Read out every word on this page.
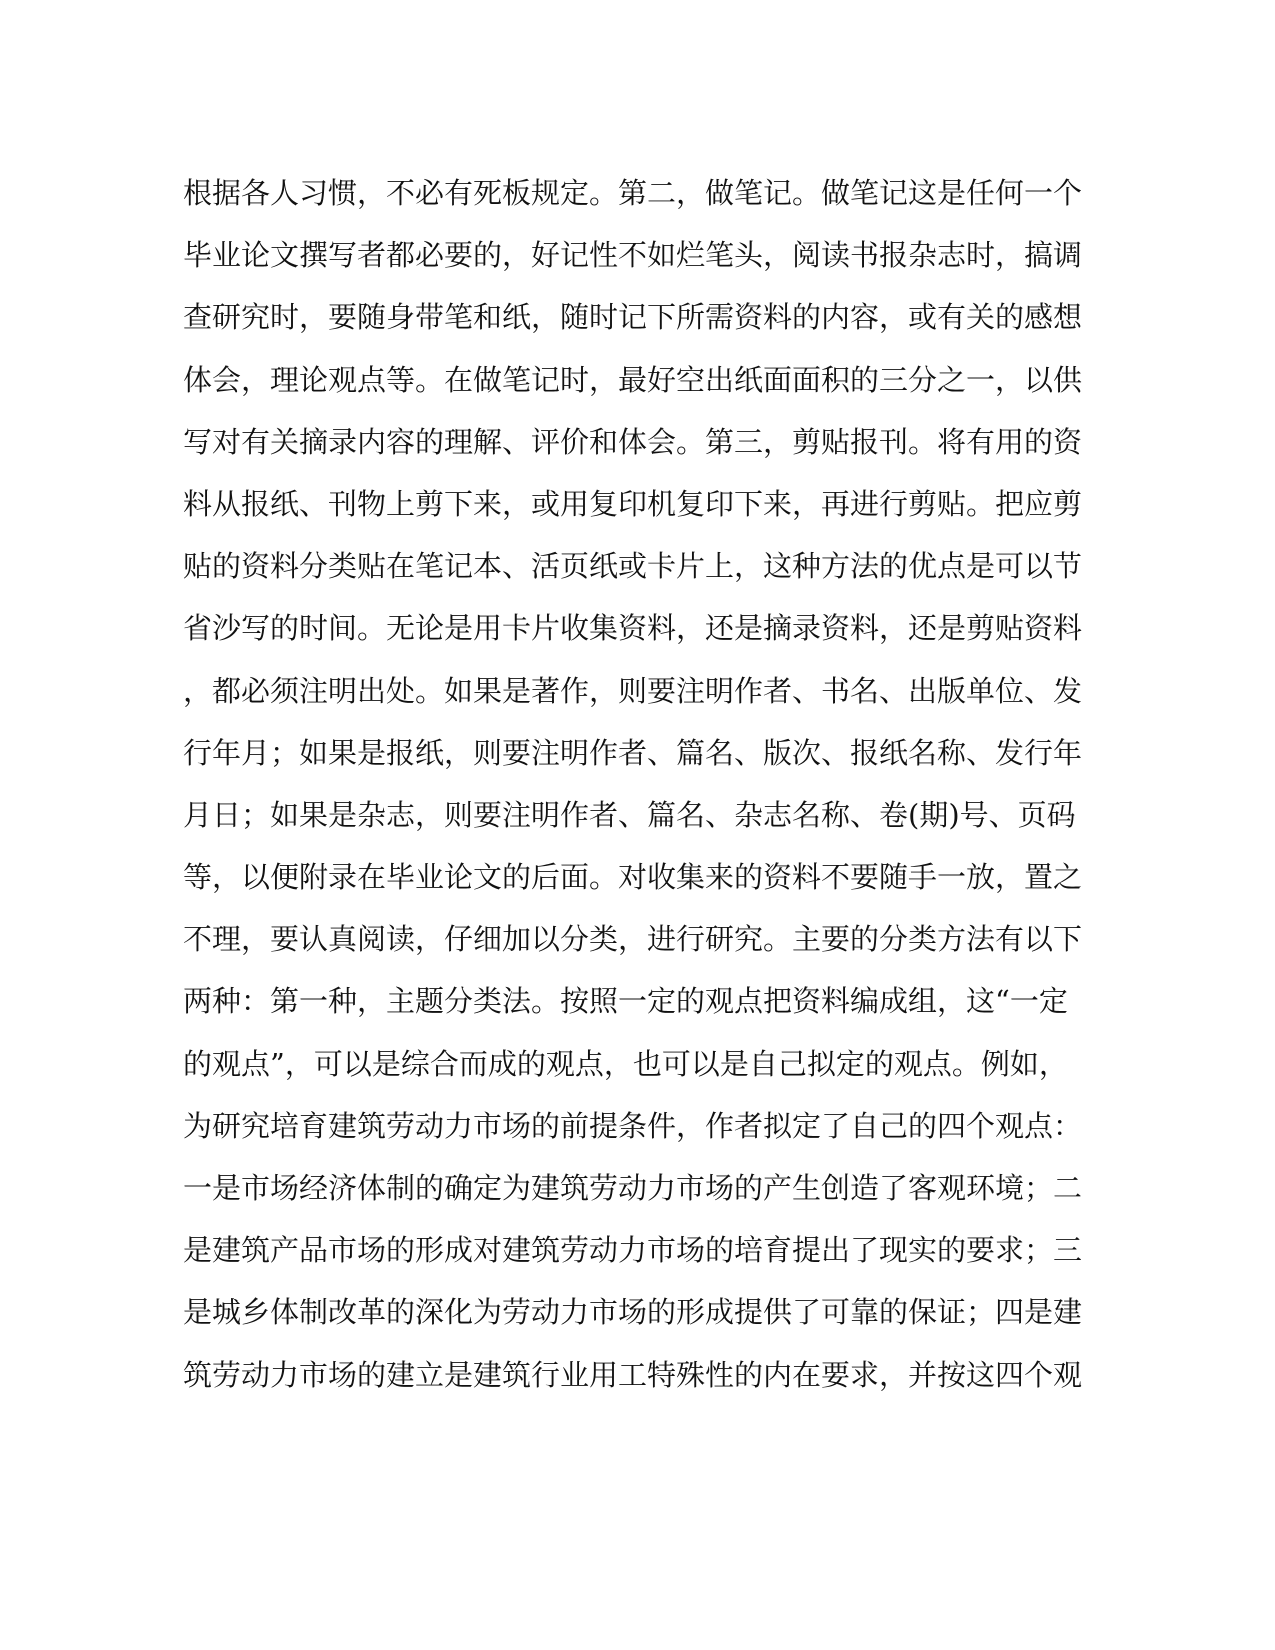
根据各人习惯，不必有死板规定。第二，做笔记。做笔记这是任何一个
毕业论文撰写者都必要的，好记性不如烂笔头，阅读书报杂志时，搞调
查研究时，要随身带笔和纸，随时记下所需资料的内容，或有关的感想
体会，理论观点等。在做笔记时，最好空出纸面面积的三分之一，以供
写对有关摘录内容的理解、评价和体会。第三，剪贴报刊。将有用的资
料从报纸、刊物上剪下来，或用复印机复印下来，再进行剪贴。把应剪
贴的资料分类贴在笔记本、活页纸或卡片上，这种方法的优点是可以节
省沙写的时间。无论是用卡片收集资料，还是摘录资料，还是剪贴资料
，都必须注明出处。如果是著作，则要注明作者、书名、出版单位、发
行年月；如果是报纸，则要注明作者、篇名、版次、报纸名称、发行年
月日；如果是杂志，则要注明作者、篇名、杂志名称、卷(期)号、页码
等，以便附录在毕业论文的后面。对收集来的资料不要随手一放，置之
不理，要认真阅读，仔细加以分类，进行研究。主要的分类方法有以下
两种：第一种，主题分类法。按照一定的观点把资料编成组，这“一定
的观点”，可以是综合而成的观点，也可以是自己拟定的观点。例如，
为研究培育建筑劳动力市场的前提条件，作者拟定了自己的四个观点：
一是市场经济体制的确定为建筑劳动力市场的产生创造了客观环境；二
是建筑产品市场的形成对建筑劳动力市场的培育提出了现实的要求；三
是城乡体制改革的深化为劳动力市场的形成提供了可靠的保证；四是建
筑劳动力市场的建立是建筑行业用工特殊性的内在要求，并按这四个观
